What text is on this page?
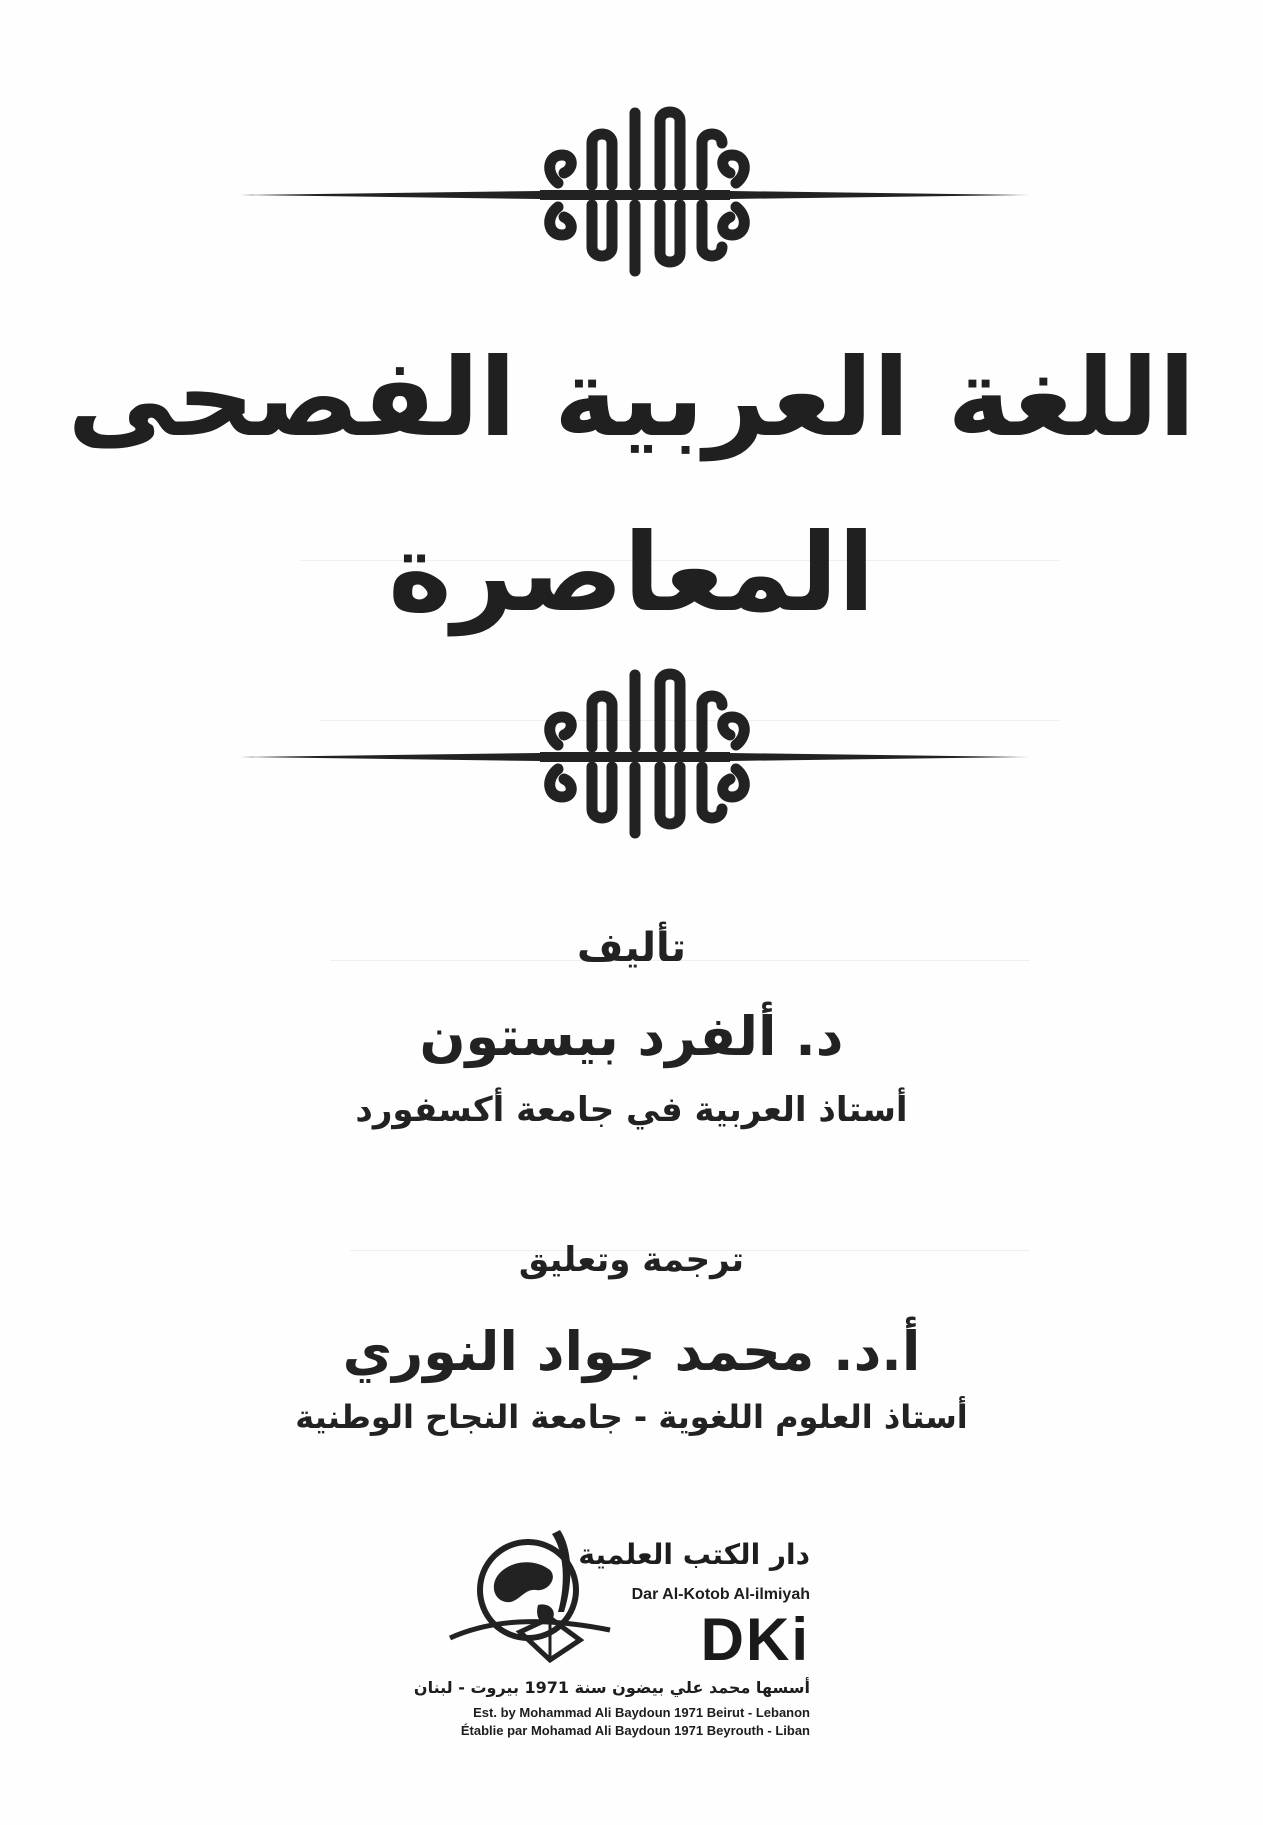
اللغة العربية الفصحى
المعاصرة
تأليف
د. ألفرد بيستون
أستاذ العربية في جامعة أكسفورد
ترجمة وتعليق
أ.د. محمد جواد النوري
أستاذ العلوم اللغوية - جامعة النجاح الوطنية
دار الكتب العلمية
Dar Al-Kotob Al-ilmiyah
DKi
أسسها محمد علي بيضون سنة 1971 بيروت - لبنان
Est. by Mohammad Ali Baydoun 1971 Beirut - Lebanon
Établie par Mohamad Ali Baydoun 1971 Beyrouth - Liban
